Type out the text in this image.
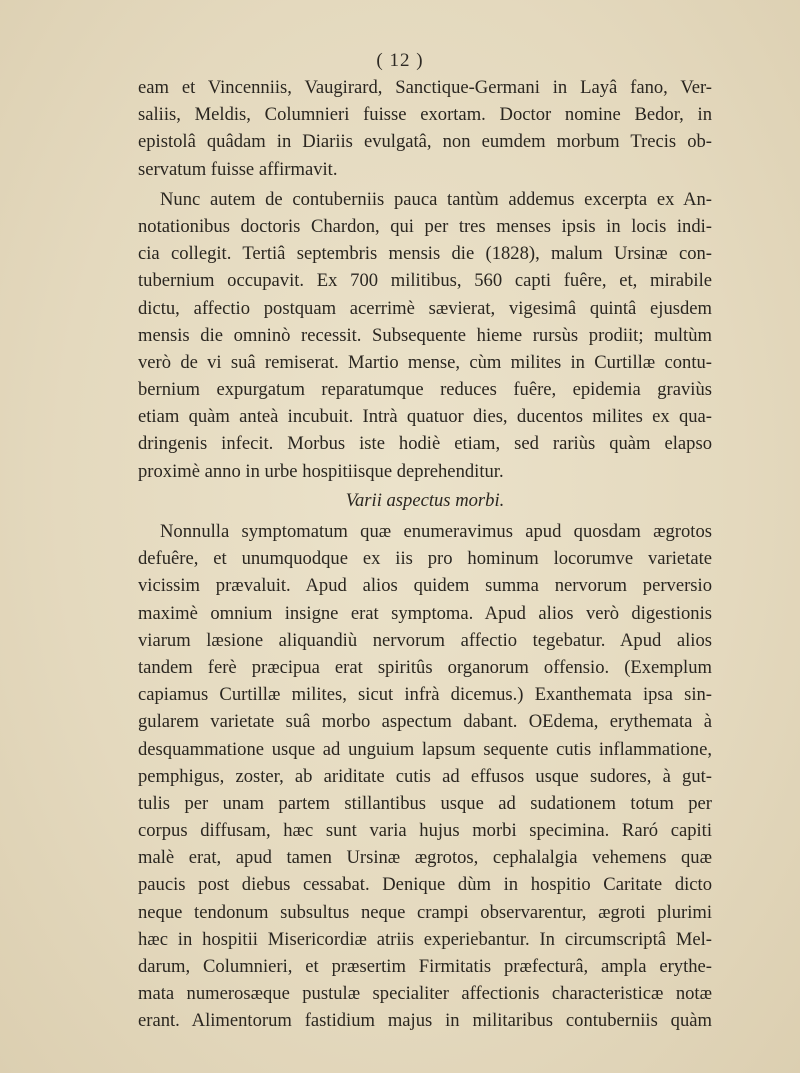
( 12 )
eam et Vincenniis, Vaugirard, Sanctique-Germani in Layâ fano, Ver-
saliis, Meldis, Columnieri fuisse exortam. Doctor nomine Bedor, in
epistolâ quâdam in Diariis evulgatâ, non eumdem morbum Trecis ob-
servatum fuisse affirmavit.
Nunc autem de contuberniis pauca tantùm addemus excerpta ex An-
notationibus doctoris Chardon, qui per tres menses ipsis in locis indi-
cia collegit. Tertiâ septembris mensis die (1828), malum Ursinæ con-
tubernium occupavit. Ex 700 militibus, 560 capti fuêre, et, mirabile
dictu, affectio postquam acerrimè sævierat, vigesimâ quintâ ejusdem
mensis die omninò recessit. Subsequente hieme rursùs prodiit; multùm
verò de vi suâ remiserat. Martio mense, cùm milites in Curtillæ contu-
bernium expurgatum reparatumque reduces fuêre, epidemia graviùs
etiam quàm anteà incubuit. Intrà quatuor dies, ducentos milites ex qua-
dringenis infecit. Morbus iste hodiè etiam, sed rariùs quàm elapso
proximè anno in urbe hospitiisque deprehenditur.
Varii aspectus morbi.
Nonnulla symptomatum quæ enumeravimus apud quosdam ægrotos
defuêre, et unumquodque ex iis pro hominum locorumve varietate
vicissim prævaluit. Apud alios quidem summa nervorum perversio
maximè omnium insigne erat symptoma. Apud alios verò digestionis
viarum læsione aliquandiù nervorum affectio tegebatur. Apud alios
tandem ferè præcipua erat spiritûs organorum offensio. (Exemplum
capiamus Curtillæ milites, sicut infrà dicemus.) Exanthemata ipsa sin-
gularem varietate suâ morbo aspectum dabant. OEdema, erythemata à
desquammatione usque ad unguium lapsum sequente cutis inflammatione,
pemphigus, zoster, ab ariditate cutis ad effusos usque sudores, à gut-
tulis per unam partem stillantibus usque ad sudationem totum per
corpus diffusam, hæc sunt varia hujus morbi specimina. Raró capiti
malè erat, apud tamen Ursinæ ægrotos, cephalalgia vehemens quæ
paucis post diebus cessabat. Denique dùm in hospitio Caritate dicto
neque tendonum subsultus neque crampi observarentur, ægroti plurimi
hæc in hospitii Misericordiæ atriis experiebantur. In circumscriptâ Mel-
darum, Columnieri, et præsertim Firmitatis præfecturâ, ampla erythe-
mata numerosæque pustulæ specialiter affectionis characteristicæ notæ
erant. Alimentorum fastidium majus in militaribus contuberniis quàm
